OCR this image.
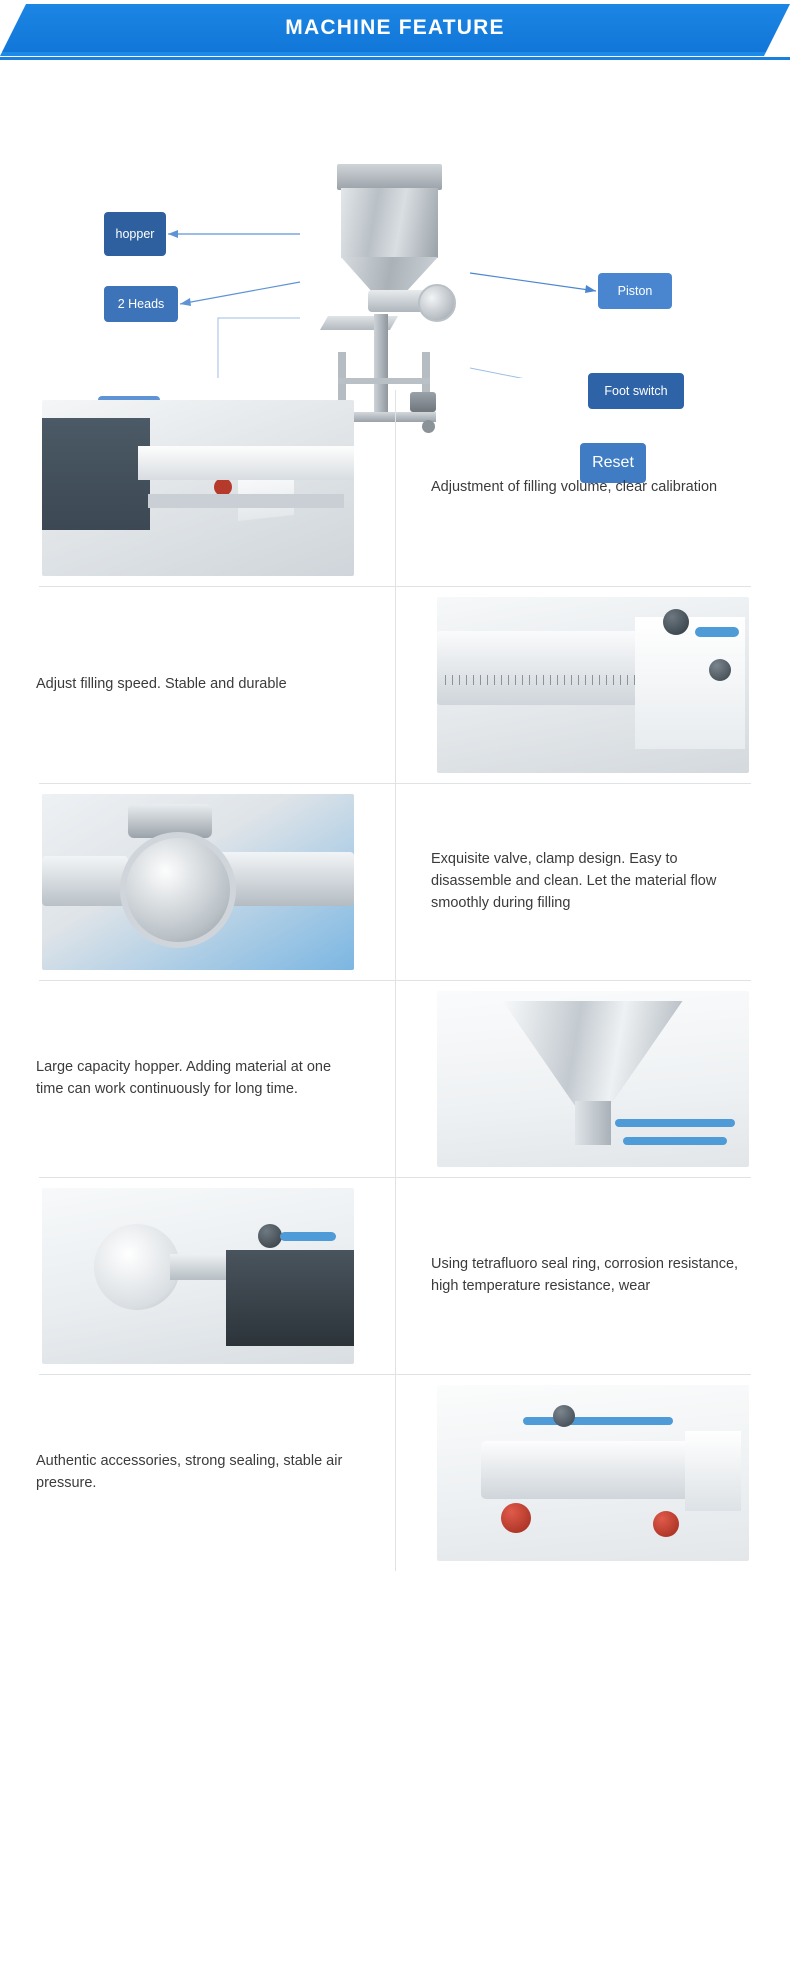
MACHINE FEATURE
hopper
2 Heads
Piston
Foot switch
Reset
Adjustment of filling volume, clear calibration
Adjust filling speed. Stable and durable
Exquisite valve, clamp design. Easy to disassemble and clean. Let the material flow smoothly during filling
Large capacity hopper. Adding material at one time can work continuously for long time.
Using tetrafluoro seal ring, corrosion resistance, high temperature resistance, wear
Authentic accessories, strong sealing, stable air pressure.
